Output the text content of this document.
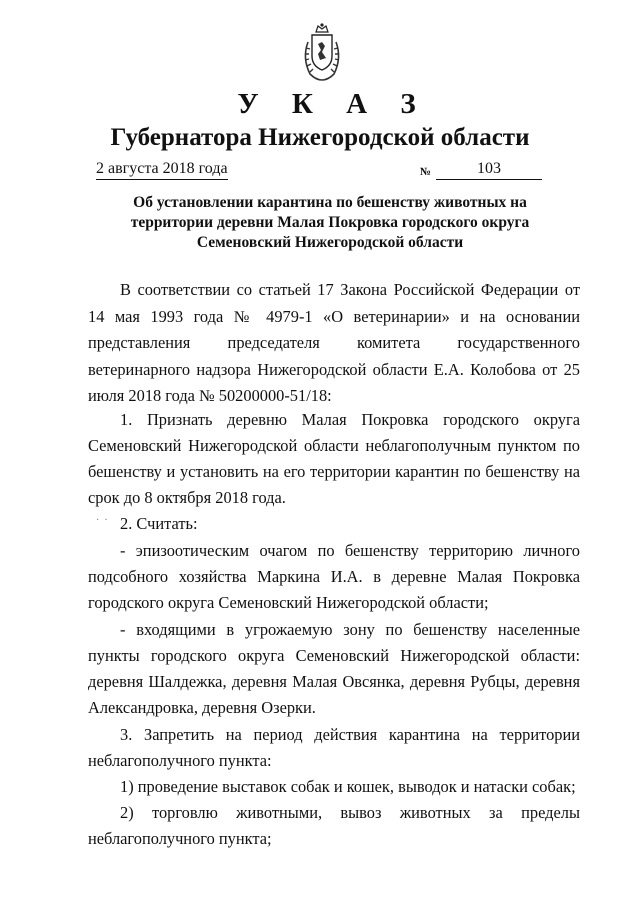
У К А З
Губернатора Нижегородской области
2 августа 2018 года	№	103
Об установлении карантина по бешенству животных на территории деревни Малая Покровка городского округа Семеновский Нижегородской области
В соответствии со статьей 17 Закона Российской Федерации от 14 мая 1993 года № 4979-1 «О ветеринарии» и на основании представления председателя комитета государственного ветеринарного надзора Нижегородской области Е.А. Колобова от 25 июля 2018 года № 50200000-51/18:
1. Признать деревню Малая Покровка городского округа Семеновский Нижегородской области неблагополучным пунктом по бешенству и установить на его территории карантин по бешенству на срок до 8 октября 2018 года.
·  · 2. Считать:
- эпизоотическим очагом по бешенству территорию личного подсобного хозяйства Маркина И.А. в деревне Малая Покровка городского округа Семеновский Нижегородской области;
- входящими в угрожаемую зону по бешенству населенные пункты городского округа Семеновский Нижегородской области: деревня Шалдежка, деревня Малая Овсянка, деревня Рубцы, деревня Александровка, деревня Озерки.
3. Запретить на период действия карантина на территории неблагополучного пункта:
1) проведение выставок собак и кошек, выводок и натаски собак;
2) торговлю животными, вывоз животных за пределы неблагополучного пункта;
